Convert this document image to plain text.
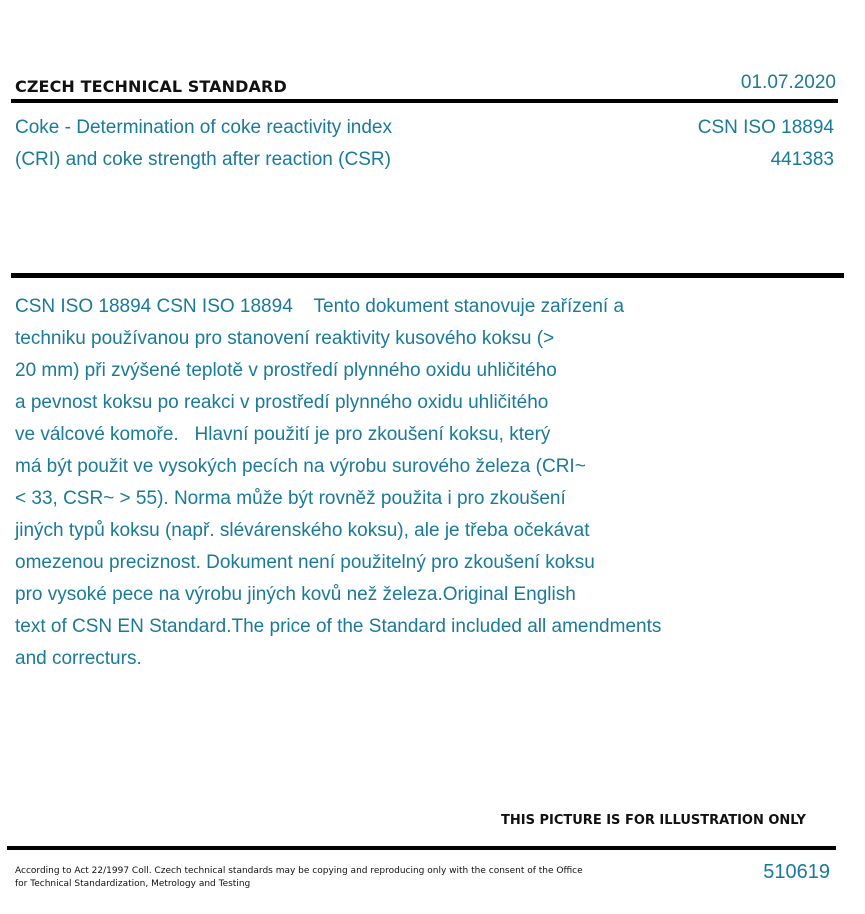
CZECH TECHNICAL STANDARD	01.07.2020
Coke - Determination of coke reactivity index
(CRI) and coke strength after reaction (CSR)
CSN ISO 18894
441383
CSN ISO 18894 CSN ISO 18894    Tento dokument stanovuje zařízení a
techniku používanou pro stanovení reaktivity kusového koksu (>
20 mm) při zvýšené teplotě v prostředí plynného oxidu uhličitého
a pevnost koksu po reakci v prostředí plynného oxidu uhličitého
ve válcové komoře.   Hlavní použití je pro zkoušení koksu, který
má být použit ve vysokých pecích na výrobu surového železa (CRI~
< 33, CSR~ > 55). Norma může být rovněž použita i pro zkoušení
jiných typů koksu (např. slévárenského koksu), ale je třeba očekávat
omezenou preciznost. Dokument není použitelný pro zkoušení koksu
pro vysoké pece na výrobu jiných kovů než železa.Original English
text of CSN EN Standard.The price of the Standard included all amendments
and correcturs.
THIS PICTURE IS FOR ILLUSTRATION ONLY
According to Act 22/1997 Coll. Czech technical standards may be copying and reproducing only with the consent of the Office
for Technical Standardization, Metrology and Testing
510619
